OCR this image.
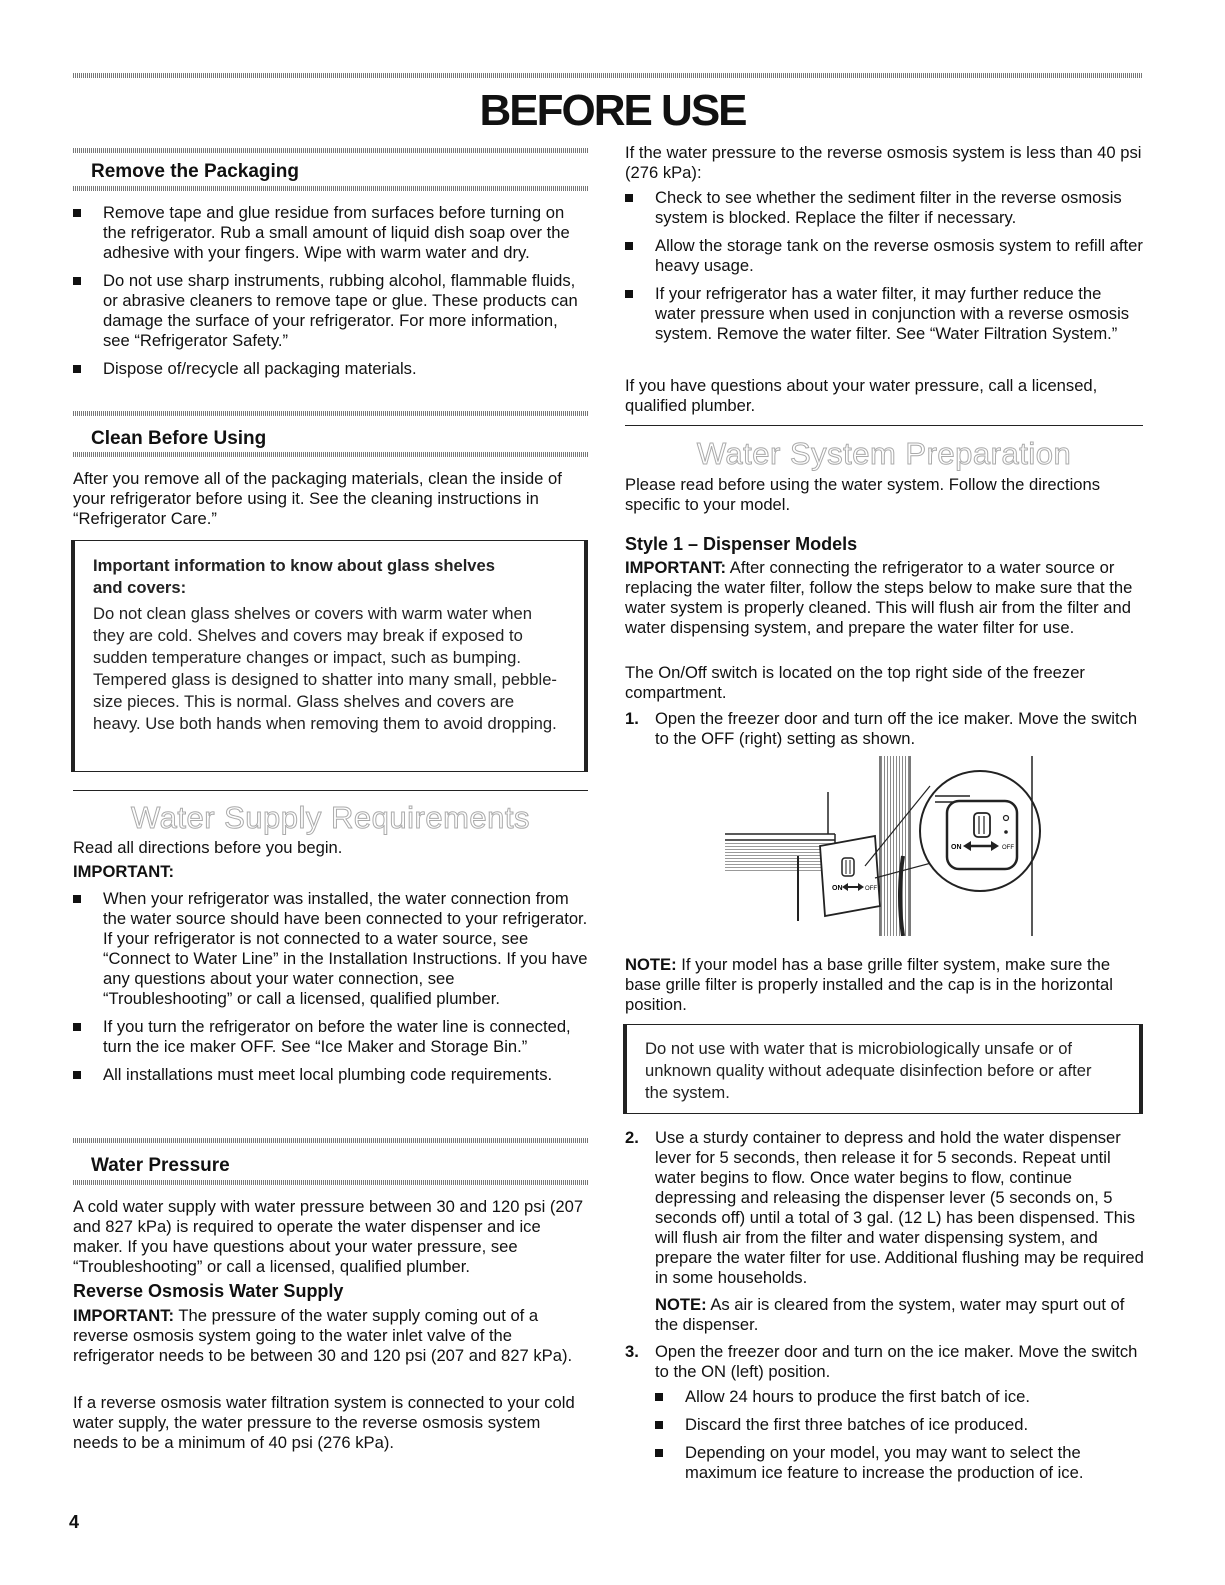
BEFORE USE
Remove the Packaging
Remove tape and glue residue from surfaces before turning on the refrigerator. Rub a small amount of liquid dish soap over the adhesive with your fingers. Wipe with warm water and dry.
Do not use sharp instruments, rubbing alcohol, flammable fluids, or abrasive cleaners to remove tape or glue. These products can damage the surface of your refrigerator. For more information, see “Refrigerator Safety.”
Dispose of/recycle all packaging materials.
Clean Before Using

After you remove all of the packaging materials, clean the inside of your refrigerator before using it. See the cleaning instructions in “Refrigerator Care.”

Important information to know about glass shelves and covers:
Do not clean glass shelves or covers with warm water when they are cold. Shelves and covers may break if exposed to sudden temperature changes or impact, such as bumping. Tempered glass is designed to shatter into many small, pebble-size pieces. This is normal. Glass shelves and covers are heavy. Use both hands when removing them to avoid dropping.
Water Supply Requirements

Read all directions before you begin.

IMPORTANT:

When your refrigerator was installed, the water connection from the water source should have been connected to your refrigerator. If your refrigerator is not connected to a water source, see “Connect to Water Line” in the Installation Instructions. If you have any questions about your water connection, see “Troubleshooting” or call a licensed, qualified plumber.
If you turn the refrigerator on before the water line is connected, turn the ice maker OFF. See “Ice Maker and Storage Bin.”
All installations must meet local plumbing code requirements.
Water Pressure

A cold water supply with water pressure between 30 and 120 psi (207 and 827 kPa) is required to operate the water dispenser and ice maker. If you have questions about your water pressure, see “Troubleshooting” or call a licensed, qualified plumber.

Reverse Osmosis Water Supply

IMPORTANT: The pressure of the water supply coming out of a reverse osmosis system going to the water inlet valve of the refrigerator needs to be between 30 and 120 psi (207 and 827 kPa).

If a reverse osmosis water filtration system is connected to your cold water supply, the water pressure to the reverse osmosis system needs to be a minimum of 40 psi (276 kPa).

4

If the water pressure to the reverse osmosis system is less than 40 psi (276 kPa):

Check to see whether the sediment filter in the reverse osmosis system is blocked. Replace the filter if necessary.
Allow the storage tank on the reverse osmosis system to refill after heavy usage.
If your refrigerator has a water filter, it may further reduce the water pressure when used in conjunction with a reverse osmosis system. Remove the water filter. See “Water Filtration System.”

If you have questions about your water pressure, call a licensed, qualified plumber.

Water System Preparation

Please read before using the water system. Follow the directions specific to your model.

Style 1 – Dispenser Models

IMPORTANT: After connecting the refrigerator to a water source or replacing the water filter, follow the steps below to make sure that the water system is properly cleaned. This will flush air from the filter and water dispensing system, and prepare the water filter for use.

The On/Off switch is located on the top right side of the freezer compartment.

1. Open the freezer door and turn off the ice maker. Move the switch to the OFF (right) setting as shown.
ON	OFF
ON	OFF

NOTE: If your model has a base grille filter system, make sure the base grille filter is properly installed and the cap is in the horizontal position.

Do not use with water that is microbiologically unsafe or of unknown quality without adequate disinfection before or after the system.
2. Use a sturdy container to depress and hold the water dispenser lever for 5 seconds, then release it for 5 seconds. Repeat until water begins to flow. Once water begins to flow, continue depressing and releasing the dispenser lever (5 seconds on, 5 seconds off) until a total of 3 gal. (12 L) has been dispensed. This will flush air from the filter and water dispensing system, and prepare the water filter for use. Additional flushing may be required in some households.
NOTE: As air is cleared from the system, water may spurt out of the dispenser.
3. Open the freezer door and turn on the ice maker. Move the switch to the ON (left) position.
Allow 24 hours to produce the first batch of ice.
Discard the first three batches of ice produced.
Depending on your model, you may want to select the maximum ice feature to increase the production of ice.
